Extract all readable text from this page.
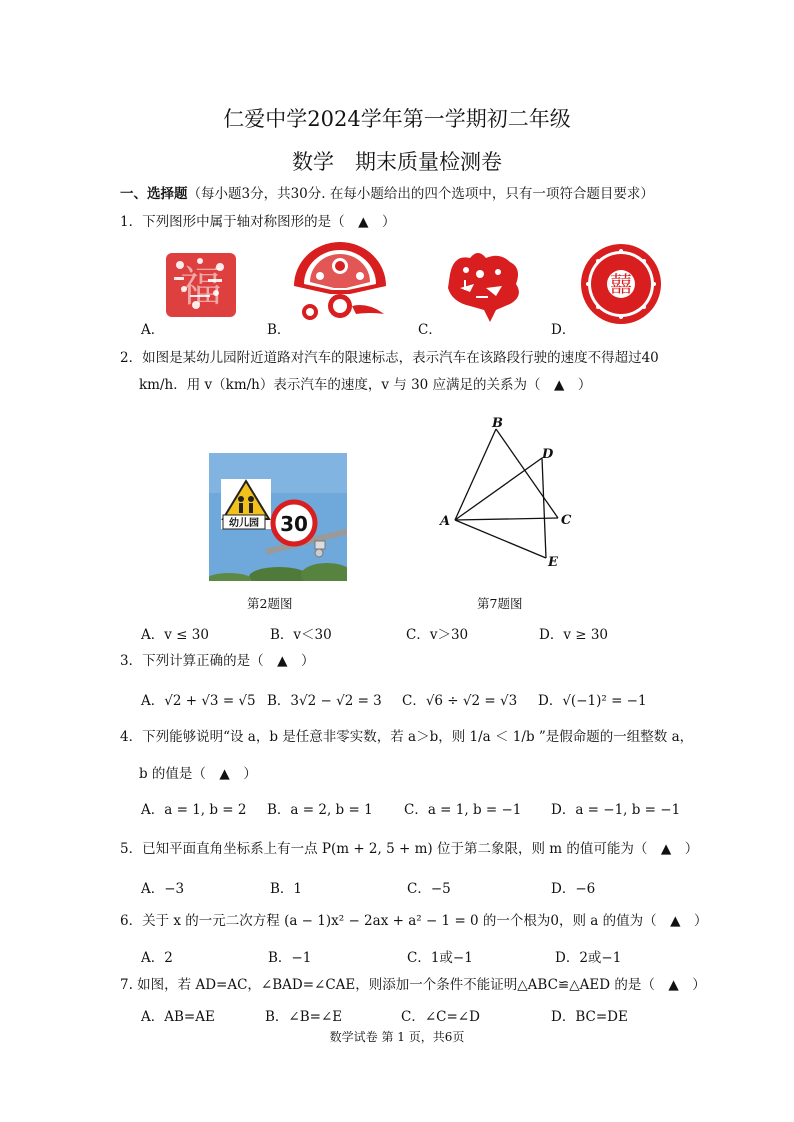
仁爱中学2024学年第一学期初二年级
数学　期末质量检测卷
一、选择题（每小题3分，共30分. 在每小题给出的四个选项中，只有一项符合题目要求）
1．下列图形中属于轴对称图形的是（　▲　）
福	囍
A．	B．	C．	D．
2．如图是某幼儿园附近道路对汽车的限速标志，表示汽车在该路段行驶的速度不得超过40
km/h．用 v（km/h）表示汽车的速度，v 与 30 应满足的关系为（　▲　）
幼儿园 30
第2题图
B
D
A	C
E
第7题图
A．v ≤ 30	B．v＜30	C．v＞30	D．v ≥ 30
3．下列计算正确的是（　▲　）
A．√2 + √3 = √5 B．3√2 − √2 = 3 C．√6 ÷ √2 = √3 D．√(−1)² = −1
4．下列能够说明“设 a，b 是任意非零实数，若 a＞b，则 1/a ＜ 1/b ”是假命题的一组整数 a，
b 的值是（　▲　）
A．a = 1, b = 2 B．a = 2, b = 1 C．a = 1, b = −1 D．a = −1, b = −1
5．已知平面直角坐标系上有一点 P(m + 2, 5 + m) 位于第二象限，则 m 的值可能为（　▲　）
A．−3	B．1	C．−5	D．−6
6．关于 x 的一元二次方程 (a − 1)x² − 2ax + a² − 1 = 0 的一个根为0，则 a 的值为（　▲　）
A．2	B．−1	C．1或−1	D．2或−1
7. 如图，若 AD=AC，∠BAD=∠CAE，则添加一个条件不能证明△ABC≌△AED 的是（　▲　）
A．AB=AE	B．∠B=∠E	C．∠C=∠D	D．BC=DE
数学试卷 第 1 页，共6页
